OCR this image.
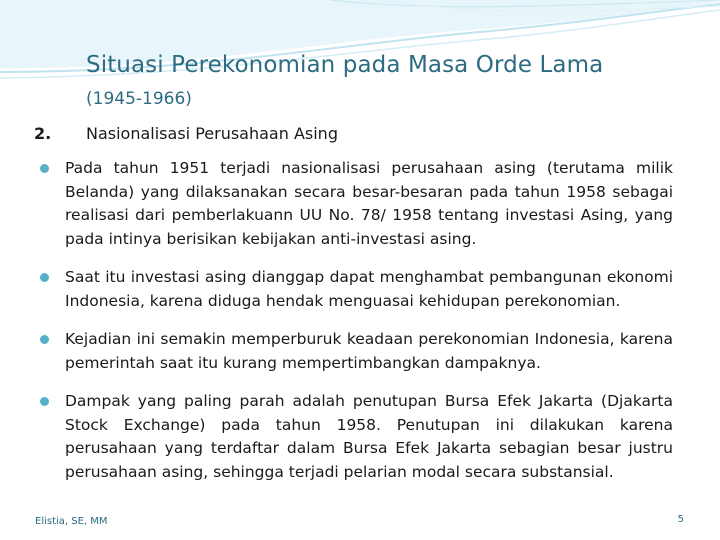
Situasi Perekonomian pada Masa Orde Lama
(1945-1966)
2. Nasionalisasi Perusahaan Asing
Pada tahun 1951 terjadi nasionalisasi perusahaan asing (terutama milik Belanda) yang dilaksanakan secara besar-besaran pada tahun 1958 sebagai realisasi dari pemberlakuann UU No. 78/ 1958 tentang investasi Asing, yang pada intinya berisikan kebijakan anti-investasi asing.
Saat itu investasi asing dianggap dapat menghambat pembangunan ekonomi Indonesia, karena diduga hendak menguasai kehidupan perekonomian.
Kejadian ini semakin memperburuk keadaan perekonomian Indonesia, karena pemerintah saat itu kurang mempertimbangkan dampaknya.
Dampak yang paling parah adalah penutupan Bursa Efek Jakarta (Djakarta Stock Exchange) pada tahun 1958. Penutupan ini dilakukan karena perusahaan yang terdaftar dalam Bursa Efek Jakarta sebagian besar justru perusahaan asing, sehingga terjadi pelarian modal secara substansial.
Elistia, SE, MM	5
